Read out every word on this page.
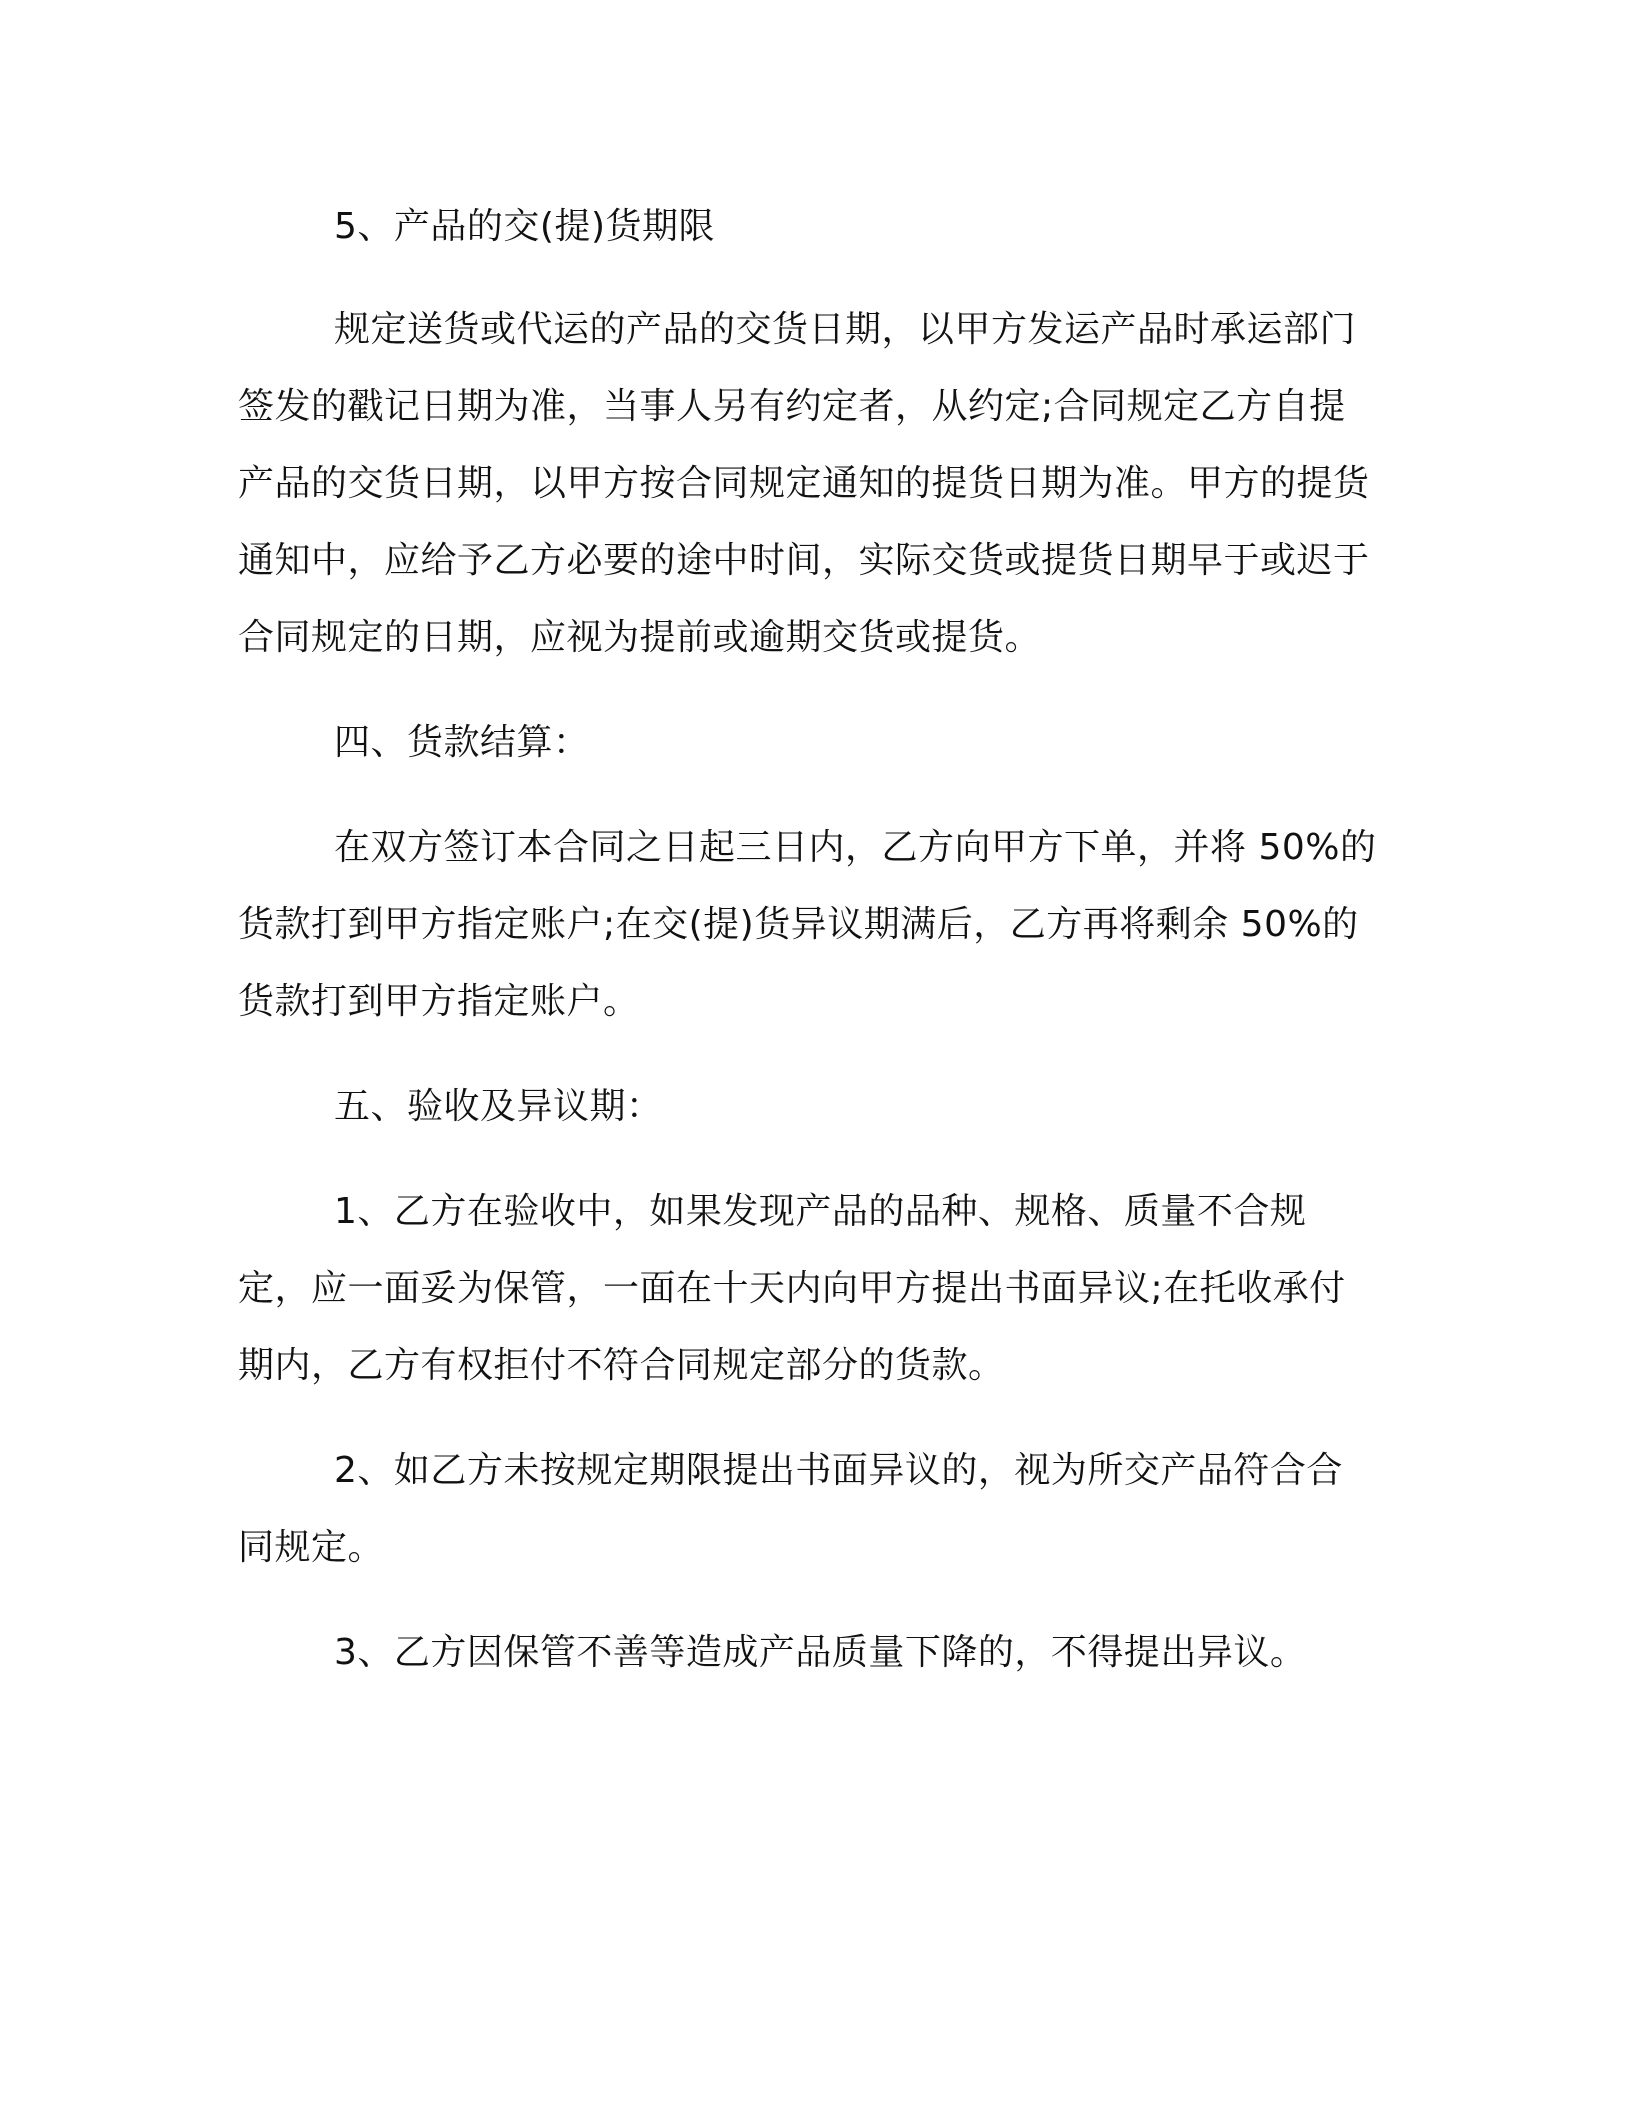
5、产品的交(提)货期限

规定送货或代运的产品的交货日期，以甲方发运产品时承运部门签发的戳记日期为准，当事人另有约定者，从约定;合同规定乙方自提产品的交货日期，以甲方按合同规定通知的提货日期为准。甲方的提货通知中，应给予乙方必要的途中时间，实际交货或提货日期早于或迟于合同规定的日期，应视为提前或逾期交货或提货。

四、货款结算：

在双方签订本合同之日起三日内，乙方向甲方下单，并将 50%的货款打到甲方指定账户;在交(提)货异议期满后，乙方再将剩余 50%的货款打到甲方指定账户。

五、验收及异议期：

1、乙方在验收中，如果发现产品的品种、规格、质量不合规定，应一面妥为保管，一面在十天内向甲方提出书面异议;在托收承付期内，乙方有权拒付不符合同规定部分的货款。

2、如乙方未按规定期限提出书面异议的，视为所交产品符合合同规定。

3、乙方因保管不善等造成产品质量下降的，不得提出异议。
